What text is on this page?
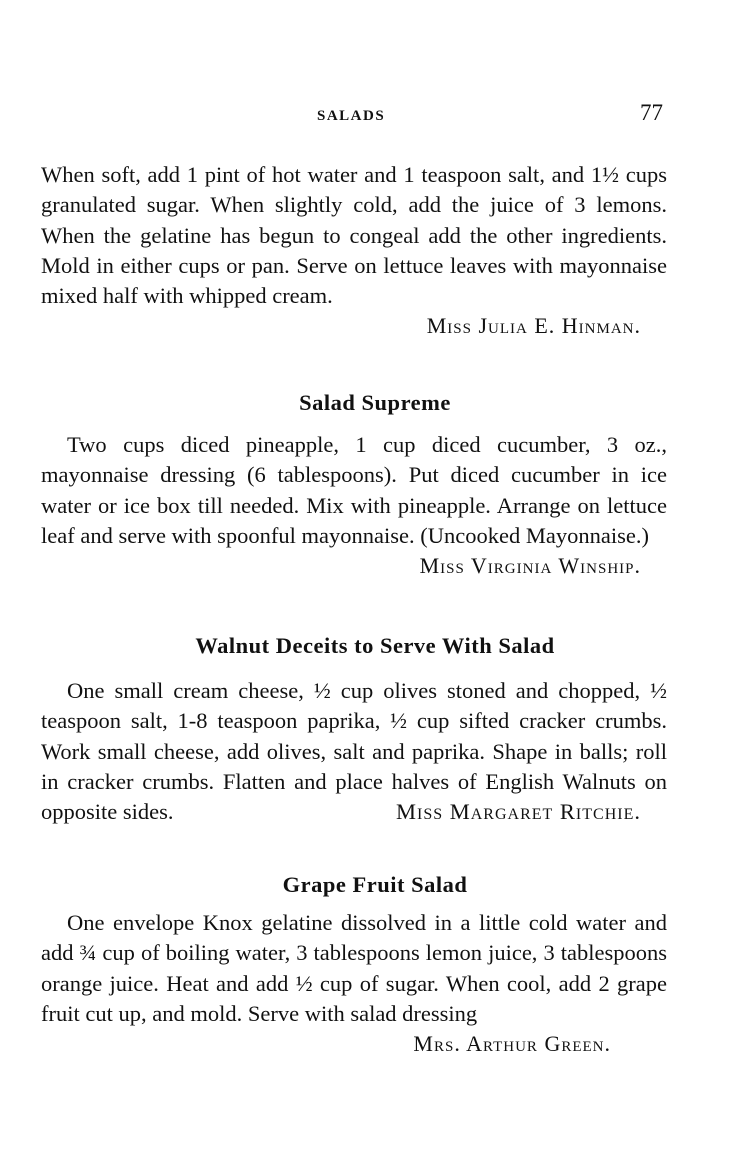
SALADS	77

When soft, add 1 pint of hot water and 1 teaspoon salt, and 1½ cups granulated sugar. When slightly cold, add the juice of 3 lemons. When the gelatine has begun to congeal add the other ingredients. Mold in either cups or pan. Serve on lettuce leaves with mayonnaise mixed half with whipped cream.

Miss Julia E. Hinman.
Salad Supreme

Two cups diced pineapple, 1 cup diced cucumber, 3 oz., mayonnaise dressing (6 tablespoons). Put diced cucumber in ice water or ice box till needed. Mix with pineapple. Arrange on lettuce leaf and serve with spoonful mayonnaise. (Uncooked Mayonnaise.)

Miss Virginia Winship.
Walnut Deceits to Serve With Salad

One small cream cheese, ½ cup olives stoned and chopped, ½ teaspoon salt, 1-8 teaspoon paprika, ½ cup sifted cracker crumbs. Work small cheese, add olives, salt and paprika. Shape in balls; roll in cracker crumbs. Flatten and place halves of English Walnuts on opposite sides.	Miss Margaret Ritchie.

Grape Fruit Salad

One envelope Knox gelatine dissolved in a little cold water and add ¾ cup of boiling water, 3 tablespoons lemon juice, 3 tablespoons orange juice. Heat and add ½ cup of sugar. When cool, add 2 grape fruit cut up, and mold. Serve with salad dressing

Mrs. Arthur Green.
